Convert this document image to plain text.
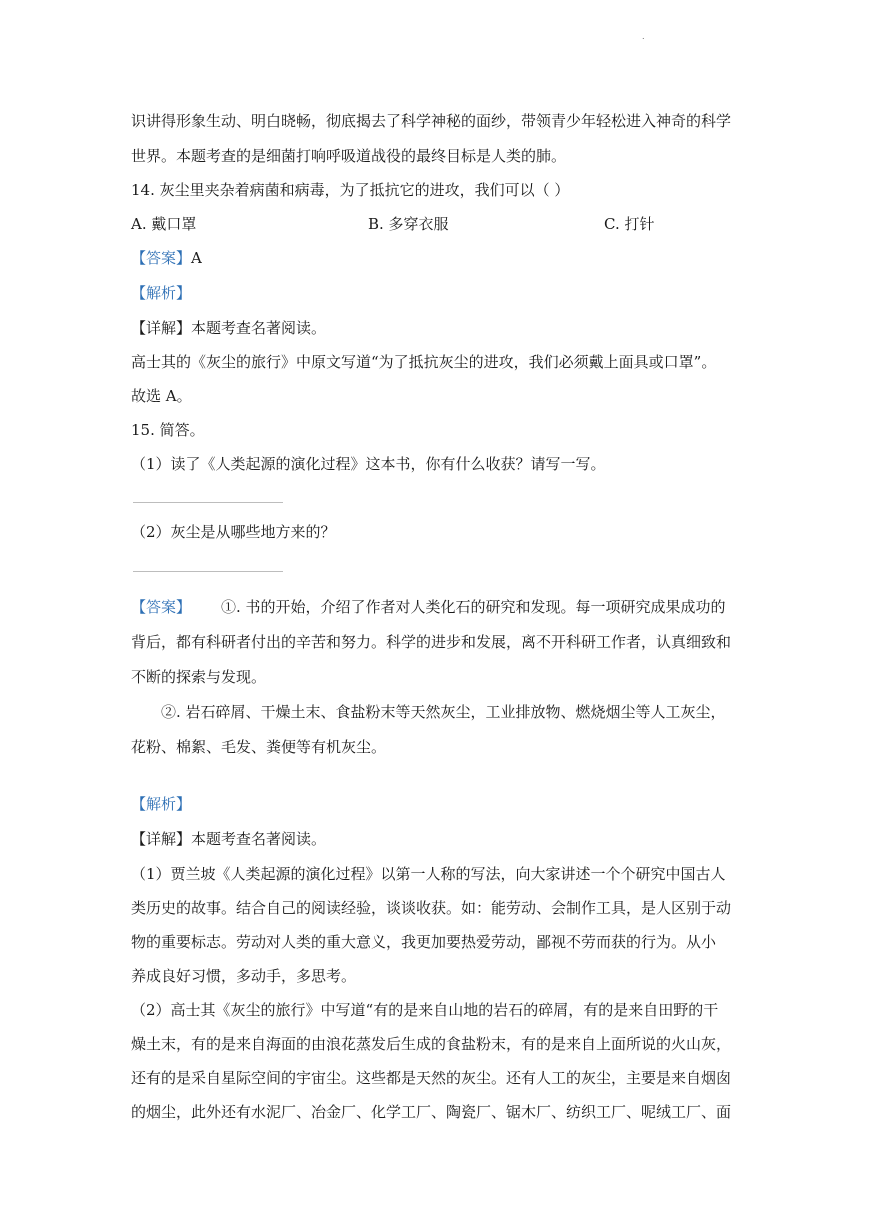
.
识讲得形象生动、明白晓畅，彻底揭去了科学神秘的面纱，带领青少年轻松进入神奇的科学
世界。本题考查的是细菌打响呼吸道战役的最终目标是人类的肺。
14. 灰尘里夹杂着病菌和病毒，为了抵抗它的进攻，我们可以（ ）
A. 戴口罩	B. 多穿衣服	C. 打针
【答案】A
【解析】
【详解】本题考查名著阅读。
高士其的《灰尘的旅行》中原文写道“为了抵抗灰尘的进攻，我们必须戴上面具或口罩”。
故选 A。
15. 简答。
（1）读了《人类起源的演化过程》这本书，你有什么收获？请写一写。
（2）灰尘是从哪些地方来的？
【答案】 ①. 书的开始，介绍了作者对人类化石的研究和发现。每一项研究成果成功的
背后，都有科研者付出的辛苦和努力。科学的进步和发展，离不开科研工作者，认真细致和
不断的探索与发现。
②. 岩石碎屑、干燥土末、食盐粉末等天然灰尘，工业排放物、燃烧烟尘等人工灰尘，
花粉、棉絮、毛发、粪便等有机灰尘。
【解析】
【详解】本题考查名著阅读。
（1）贾兰坡《人类起源的演化过程》以第一人称的写法，向大家讲述一个个研究中国古人
类历史的故事。结合自己的阅读经验，谈谈收获。如：能劳动、会制作工具，是人区别于动
物的重要标志。劳动对人类的重大意义，我更加要热爱劳动，鄙视不劳而获的行为。从小
养成良好习惯，多动手，多思考。
（2）高士其《灰尘的旅行》中写道“有的是来自山地的岩石的碎屑，有的是来自田野的干
燥土末，有的是来自海面的由浪花蒸发后生成的食盐粉末，有的是来自上面所说的火山灰，
还有的是采自星际空间的宇宙尘。这些都是天然的灰尘。还有人工的灰尘，主要是来自烟囱
的烟尘，此外还有水泥厂、冶金厂、化学工厂、陶瓷厂、锯木厂、纺织工厂、呢绒工厂、面
